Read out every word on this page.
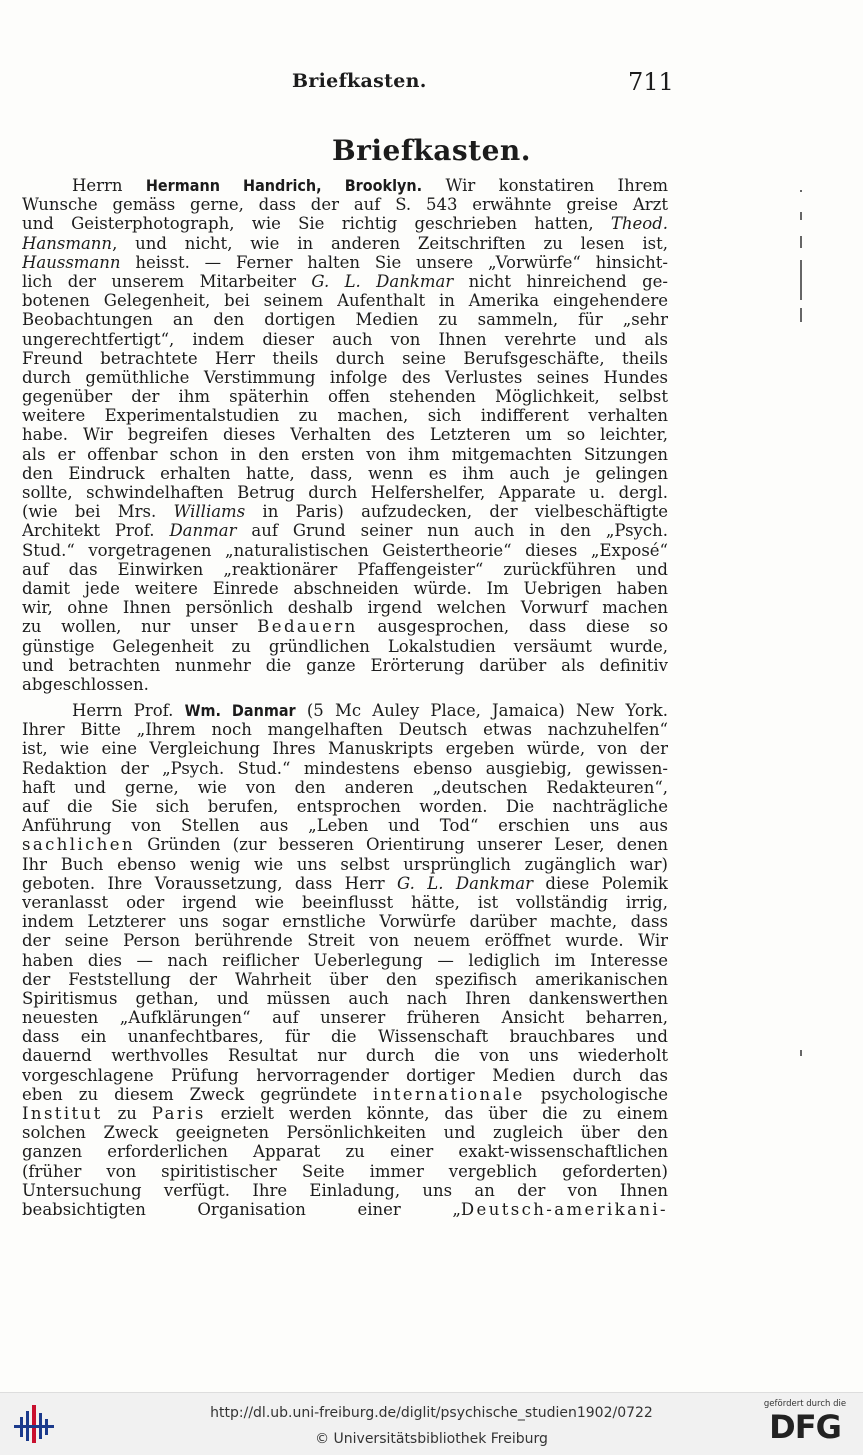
Briefkasten.	711
Briefkasten.
Herrn Hermann Handrich, Brooklyn. Wir konstatiren Ihrem
Wunsche gemäss gerne, dass der auf S. 543 erwähnte greise Arzt
und Geisterphotograph, wie Sie richtig geschrieben hatten, Theod.
Hansmann, und nicht, wie in anderen Zeitschriften zu lesen ist,
Haussmann heisst. — Ferner halten Sie unsere „Vorwürfe“ hinsicht-
lich der unserem Mitarbeiter G. L. Dankmar nicht hinreichend ge-
botenen Gelegenheit, bei seinem Aufenthalt in Amerika eingehendere
Beobachtungen an den dortigen Medien zu sammeln, für „sehr
ungerechtfertigt“, indem dieser auch von Ihnen verehrte und als
Freund betrachtete Herr theils durch seine Berufsgeschäfte, theils
durch gemüthliche Verstimmung infolge des Verlustes seines Hundes
gegenüber der ihm späterhin offen stehenden Möglichkeit, selbst
weitere Experimentalstudien zu machen, sich indifferent verhalten
habe. Wir begreifen dieses Verhalten des Letzteren um so leichter,
als er offenbar schon in den ersten von ihm mitgemachten Sitzungen
den Eindruck erhalten hatte, dass, wenn es ihm auch je gelingen
sollte, schwindelhaften Betrug durch Helfershelfer, Apparate u. dergl.
(wie bei Mrs. Williams in Paris) aufzudecken, der vielbeschäftigte
Architekt Prof. Danmar auf Grund seiner nun auch in den „Psych.
Stud.“ vorgetragenen „naturalistischen Geistertheorie“ dieses „Exposé“
auf das Einwirken „reaktionärer Pfaffengeister“ zurückführen und
damit jede weitere Einrede abschneiden würde. Im Uebrigen haben
wir, ohne Ihnen persönlich deshalb irgend welchen Vorwurf machen
zu wollen, nur unser Bedauern ausgesprochen, dass diese so
günstige Gelegenheit zu gründlichen Lokalstudien versäumt wurde,
und betrachten nunmehr die ganze Erörterung darüber als definitiv
abgeschlossen.
Herrn Prof. Wm. Danmar (5 Mc Auley Place, Jamaica) New York.
Ihrer Bitte „Ihrem noch mangelhaften Deutsch etwas nachzuhelfen“
ist, wie eine Vergleichung Ihres Manuskripts ergeben würde, von der
Redaktion der „Psych. Stud.“ mindestens ebenso ausgiebig, gewissen-
haft und gerne, wie von den anderen „deutschen Redakteuren“,
auf die Sie sich berufen, entsprochen worden. Die nachträgliche
Anführung von Stellen aus „Leben und Tod“ erschien uns aus
sachlichen Gründen (zur besseren Orientirung unserer Leser, denen
Ihr Buch ebenso wenig wie uns selbst ursprünglich zugänglich war)
geboten. Ihre Voraussetzung, dass Herr G. L. Dankmar diese Polemik
veranlasst oder irgend wie beeinflusst hätte, ist vollständig irrig,
indem Letzterer uns sogar ernstliche Vorwürfe darüber machte, dass
der seine Person berührende Streit von neuem eröffnet wurde. Wir
haben dies — nach reiflicher Ueberlegung — lediglich im Interesse
der Feststellung der Wahrheit über den spezifisch amerikanischen
Spiritismus gethan, und müssen auch nach Ihren dankenswerthen
neuesten „Aufklärungen“ auf unserer früheren Ansicht beharren,
dass ein unanfechtbares, für die Wissenschaft brauchbares und
dauernd werthvolles Resultat nur durch die von uns wiederholt
vorgeschlagene Prüfung hervorragender dortiger Medien durch das
eben zu diesem Zweck gegründete internationale psychologische
Institut zu Paris erzielt werden könnte, das über die zu einem
solchen Zweck geeigneten Persönlichkeiten und zugleich über den
ganzen erforderlichen Apparat zu einer exakt-wissenschaftlichen
(früher von spiritistischer Seite immer vergeblich geforderten)
Untersuchung verfügt. Ihre Einladung, uns an der von Ihnen
beabsichtigten Organisation einer „Deutsch-amerikani-
http://dl.ub.uni-freiburg.de/diglit/psychische_studien1902/0722
© Universitätsbibliothek Freiburg
gefördert durch die
DFG
